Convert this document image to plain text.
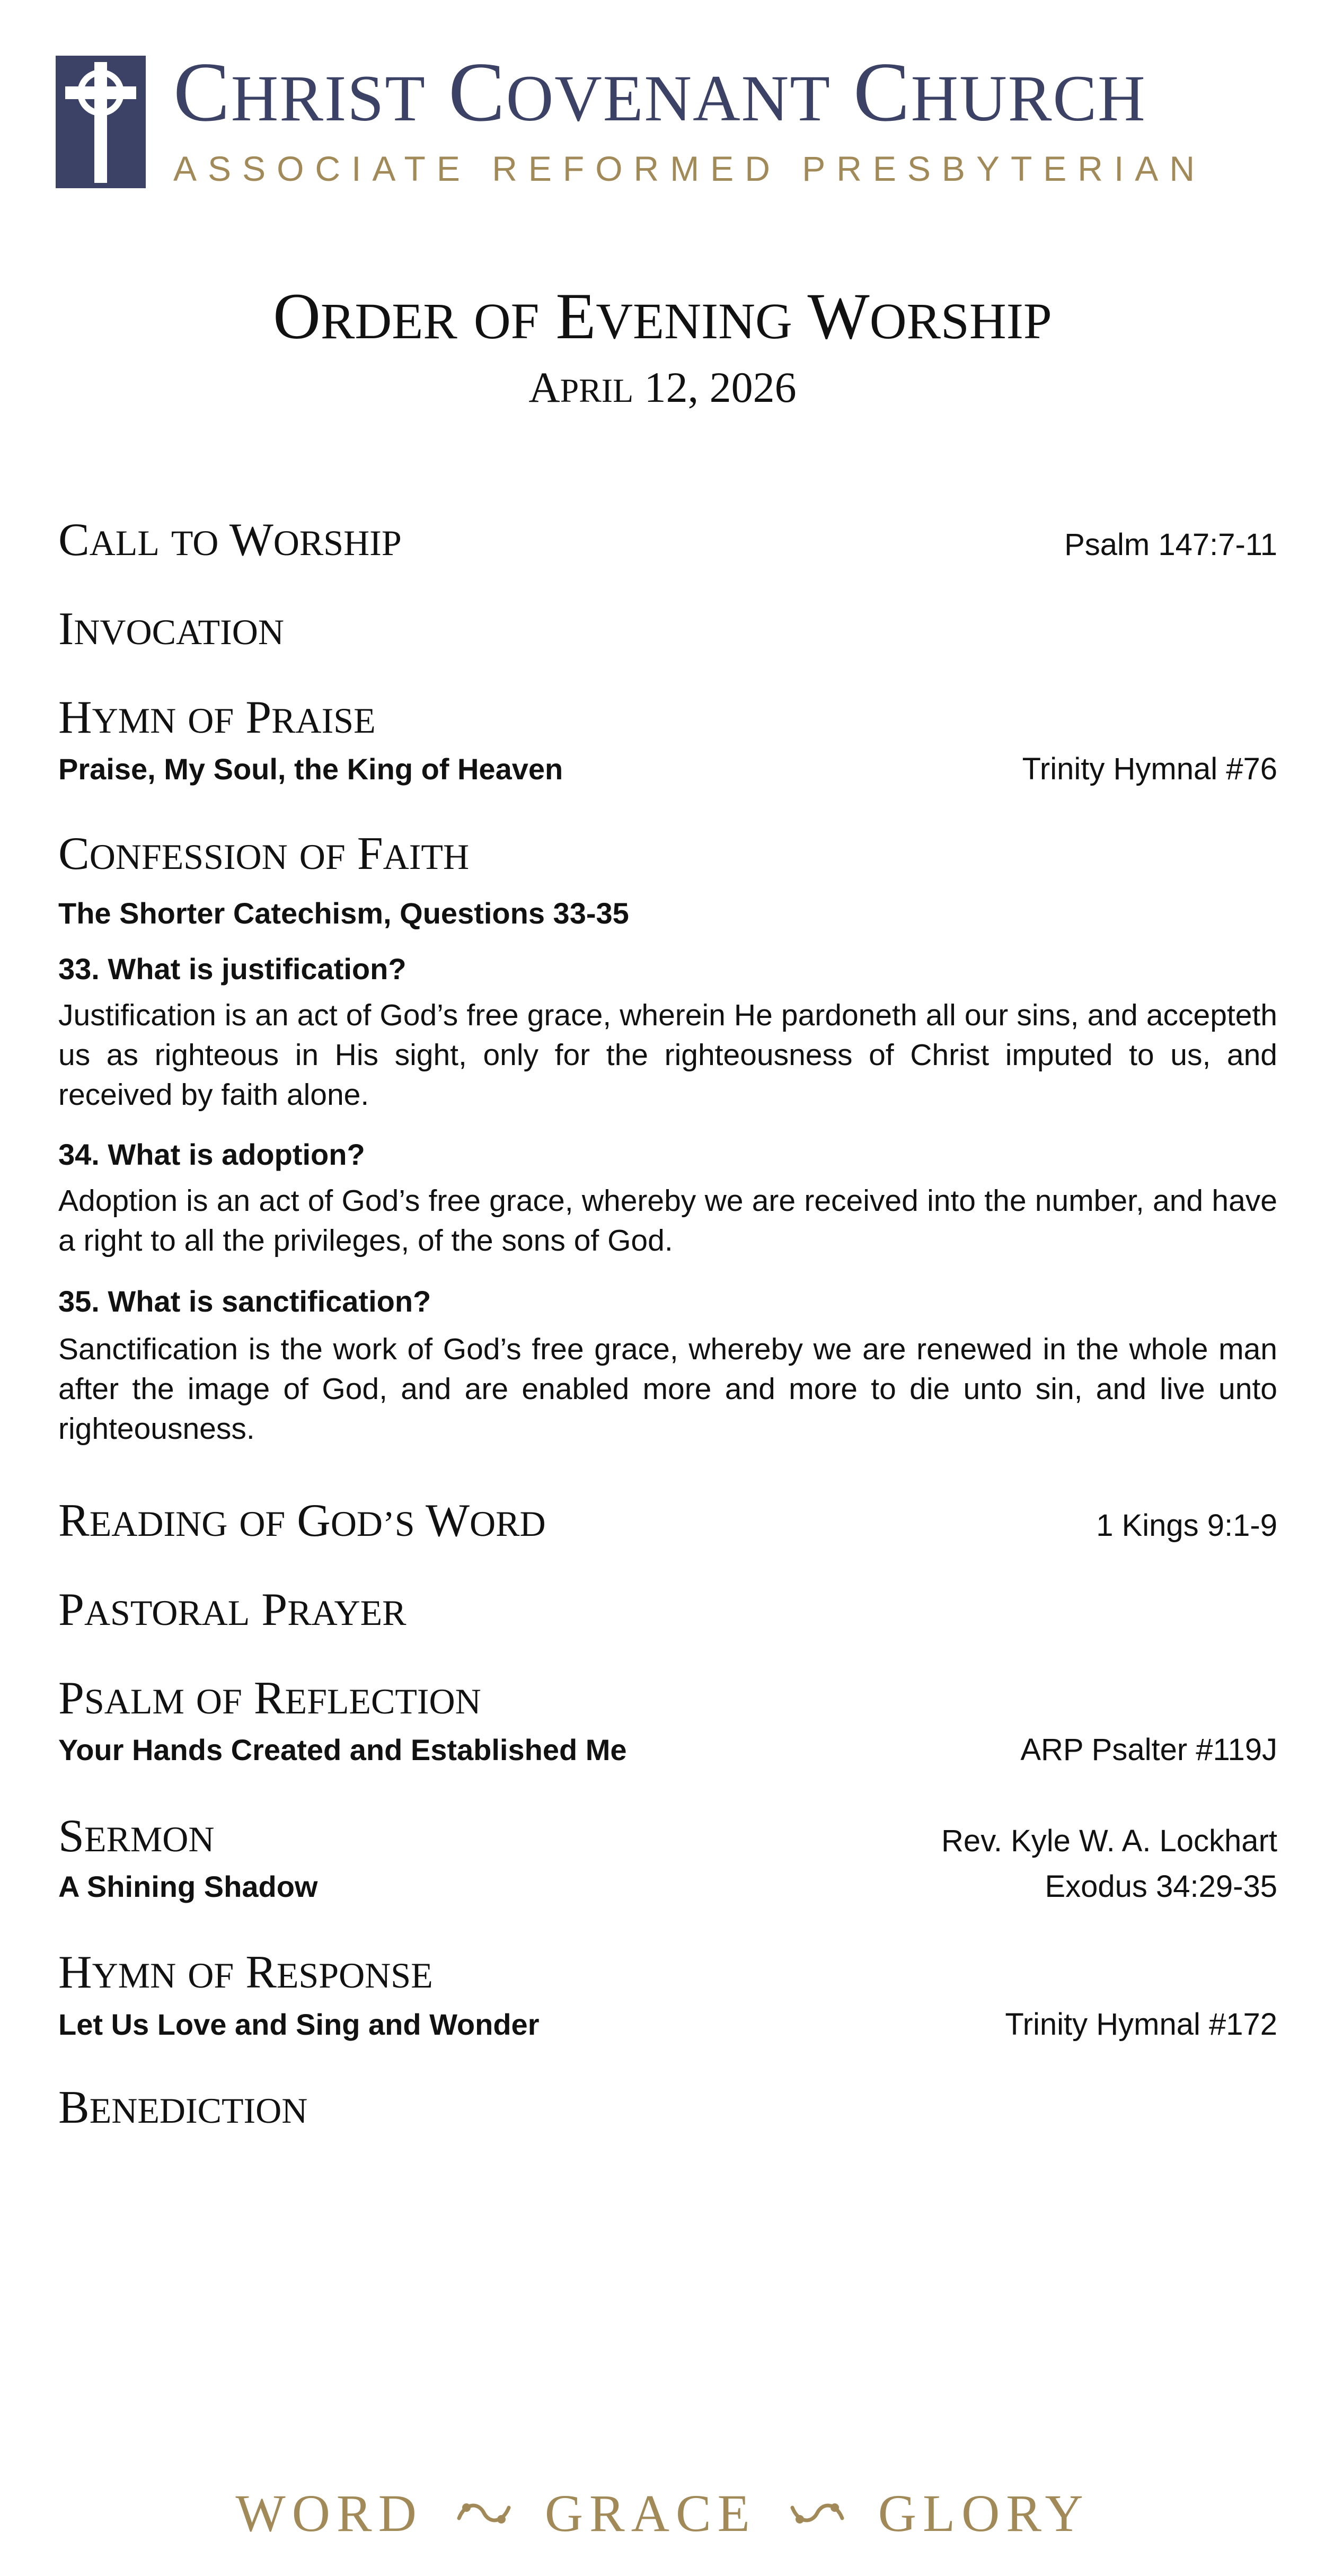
CHRIST COVENANT CHURCH
ASSOCIATE REFORMED PRESBYTERIAN
ORDER OF EVENING WORSHIP
APRIL 12, 2026
CALL TO WORSHIP	Psalm 147:7-11
INVOCATION
HYMN OF PRAISE
Praise, My Soul, the King of Heaven	Trinity Hymnal #76
CONFESSION OF FAITH
The Shorter Catechism, Questions 33-35
33. What is justification?
Justification is an act of God’s free grace, wherein He pardoneth all our sins, and accepteth us as righteous in His sight, only for the righteousness of Christ imputed to us, and received by faith alone.
34. What is adoption?
Adoption is an act of God’s free grace, whereby we are received into the number, and have a right to all the privileges, of the sons of God.
35. What is sanctification?
Sanctification is the work of God’s free grace, whereby we are renewed in the whole man after the image of God, and are enabled more and more to die unto sin, and live unto righteousness.
READING OF GOD’S WORD	1 Kings 9:1-9
PASTORAL PRAYER
PSALM OF REFLECTION
Your Hands Created and Established Me	ARP Psalter #119J
SERMON	Rev. Kyle W. A. Lockhart
A Shining Shadow	Exodus 34:29-35
HYMN OF RESPONSE
Let Us Love and Sing and Wonder	Trinity Hymnal #172
BENEDICTION
WORD GRACE GLORY
